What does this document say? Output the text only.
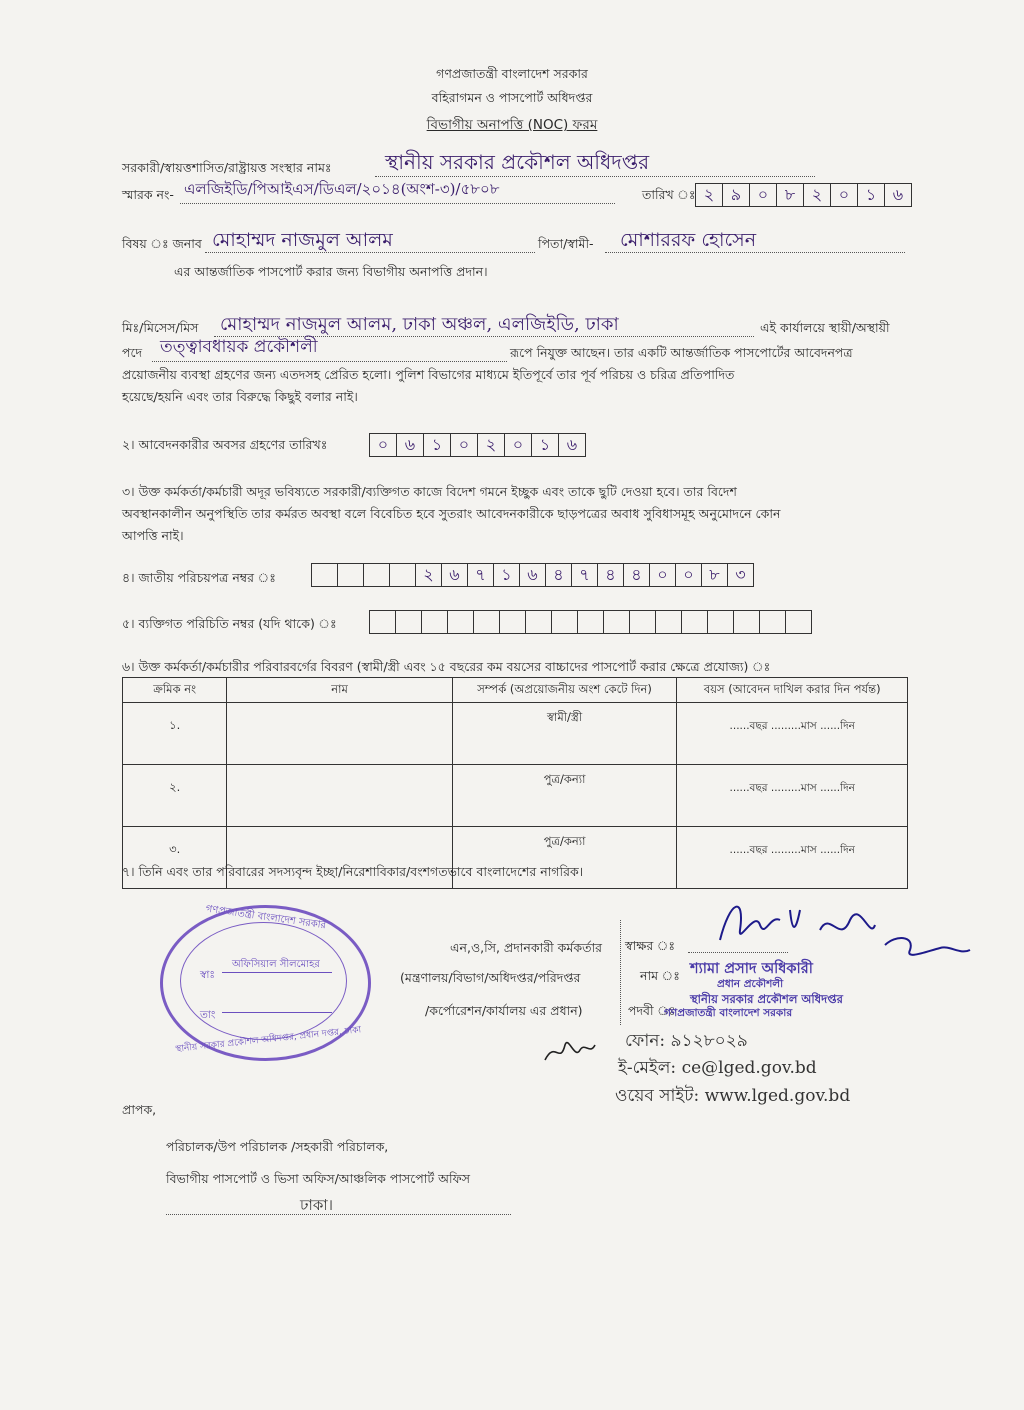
গণপ্রজাতন্ত্রী বাংলাদেশ সরকার
বহিরাগমন ও পাসপোর্ট অধিদপ্তর
বিভাগীয় অনাপত্তি (NOC) ফরম
সরকারী/স্বায়ত্তশাসিত/রাষ্ট্রায়ত্ত সংস্থার নামঃ	স্থানীয় সরকার প্রকৌশল অধিদপ্তর
স্মারক নং- এলজিইডি/পিআইএস/ডিএল/২০১৪(অংশ-৩)/৫৮০৮	তারিখ ঃ ২	৯	০	৮	২	০	১	৬
বিষয় ঃ জনাব মোহাম্মদ নাজমুল আলম	পিতা/স্বামী- মোশাররফ হোসেন
এর আন্তর্জাতিক পাসপোর্ট করার জন্য বিভাগীয় অনাপত্তি প্রদান।
মিঃ/মিসেস/মিস মোহাম্মদ নাজমুল আলম, ঢাকা অঞ্চল, এলজিইডি, ঢাকা	এই কার্যালয়ে স্থায়ী/অস্থায়ী
পদে তত্ত্বাবধায়ক প্রকৌশলী	রূপে নিযুক্ত আছেন। তার একটি আন্তর্জাতিক পাসপোর্টের আবেদনপত্র
প্রয়োজনীয় ব্যবস্থা গ্রহণের জন্য এতদসহ প্রেরিত হলো। পুলিশ বিভাগের মাধ্যমে ইতিপূর্বে তার পূর্ব পরিচয় ও চরিত্র প্রতিপাদিত
হয়েছে/হয়নি এবং তার বিরুদ্ধে কিছুই বলার নাই।
২। আবেদনকারীর অবসর গ্রহণের তারিখঃ	০	৬	১	০	২	০	১	৬
৩। উক্ত কর্মকর্তা/কর্মচারী অদূর ভবিষ্যতে সরকারী/ব্যক্তিগত কাজে বিদেশ গমনে ইচ্ছুক এবং তাকে ছুটি দেওয়া হবে। তার বিদেশ
অবস্থানকালীন অনুপস্থিতি তার কর্মরত অবস্থা বলে বিবেচিত হবে সুতরাং আবেদনকারীকে ছাড়পত্রের অবাধ সুবিধাসমূহ অনুমোদনে কোন
আপত্তি নাই।
৪। জাতীয় পরিচয়পত্র নম্বর ঃ	২ ৬ ৭ ১ ৬ ৪ ৭ ৪ ৪ ০ ০ ৮ ৩
৫। ব্যক্তিগত পরিচিতি নম্বর (যদি থাকে) ঃ
৬। উক্ত কর্মকর্তা/কর্মচারীর পরিবারবর্গের বিবরণ (স্বামী/স্ত্রী এবং ১৫ বছরের কম বয়সের বাচ্চাদের পাসপোর্ট করার ক্ষেত্রে প্রযোজ্য) ঃ
ক্রমিক নং	নাম	সম্পর্ক (অপ্রয়োজনীয় অংশ কেটে দিন)	বয়স (আবেদন দাখিল করার দিন পর্যন্ত)
১.		স্বামী/স্ত্রী	......বছর .........মাস ......দিন
২.		পুত্র/কন্যা	......বছর .........মাস ......দিন
৩.		পুত্র/কন্যা	......বছর .........মাস ......দিন
৭। তিনি এবং তার পরিবারের সদস্যবৃন্দ ইচ্ছা/নিরেশাবিকার/বংশগতভাবে বাংলাদেশের নাগরিক।
গণপ্রজাতন্ত্রী বাংলাদেশ সরকার
স্থানীয় সরকার প্রকৌশল অধিদপ্তর, প্রধান দপ্তর, ঢাকা
স্বাঃ
অফিসিয়াল সীলমোহর
তাং
এন,ও,সি, প্রদানকারী কর্মকর্তার
(মন্ত্রণালয়/বিভাগ/অধিদপ্তর/পরিদপ্তর
/কর্পোরেশন/কার্যালয় এর প্রধান)
স্বাক্ষর ঃ
নাম ঃ
পদবী ঃ
শ্যামা প্রসাদ অধিকারী
প্রধান প্রকৌশলী
স্থানীয় সরকার প্রকৌশল অধিদপ্তর
গণপ্রজাতন্ত্রী বাংলাদেশ সরকার
ফোন: ৯১২৮০২৯
ই-মেইল: ce@lged.gov.bd
ওয়েব সাইট: www.lged.gov.bd
প্রাপক,
পরিচালক/উপ পরিচালক /সহকারী পরিচালক,
বিভাগীয় পাসপোর্ট ও ভিসা অফিস/আঞ্চলিক পাসপোর্ট অফিস
ঢাকা।
